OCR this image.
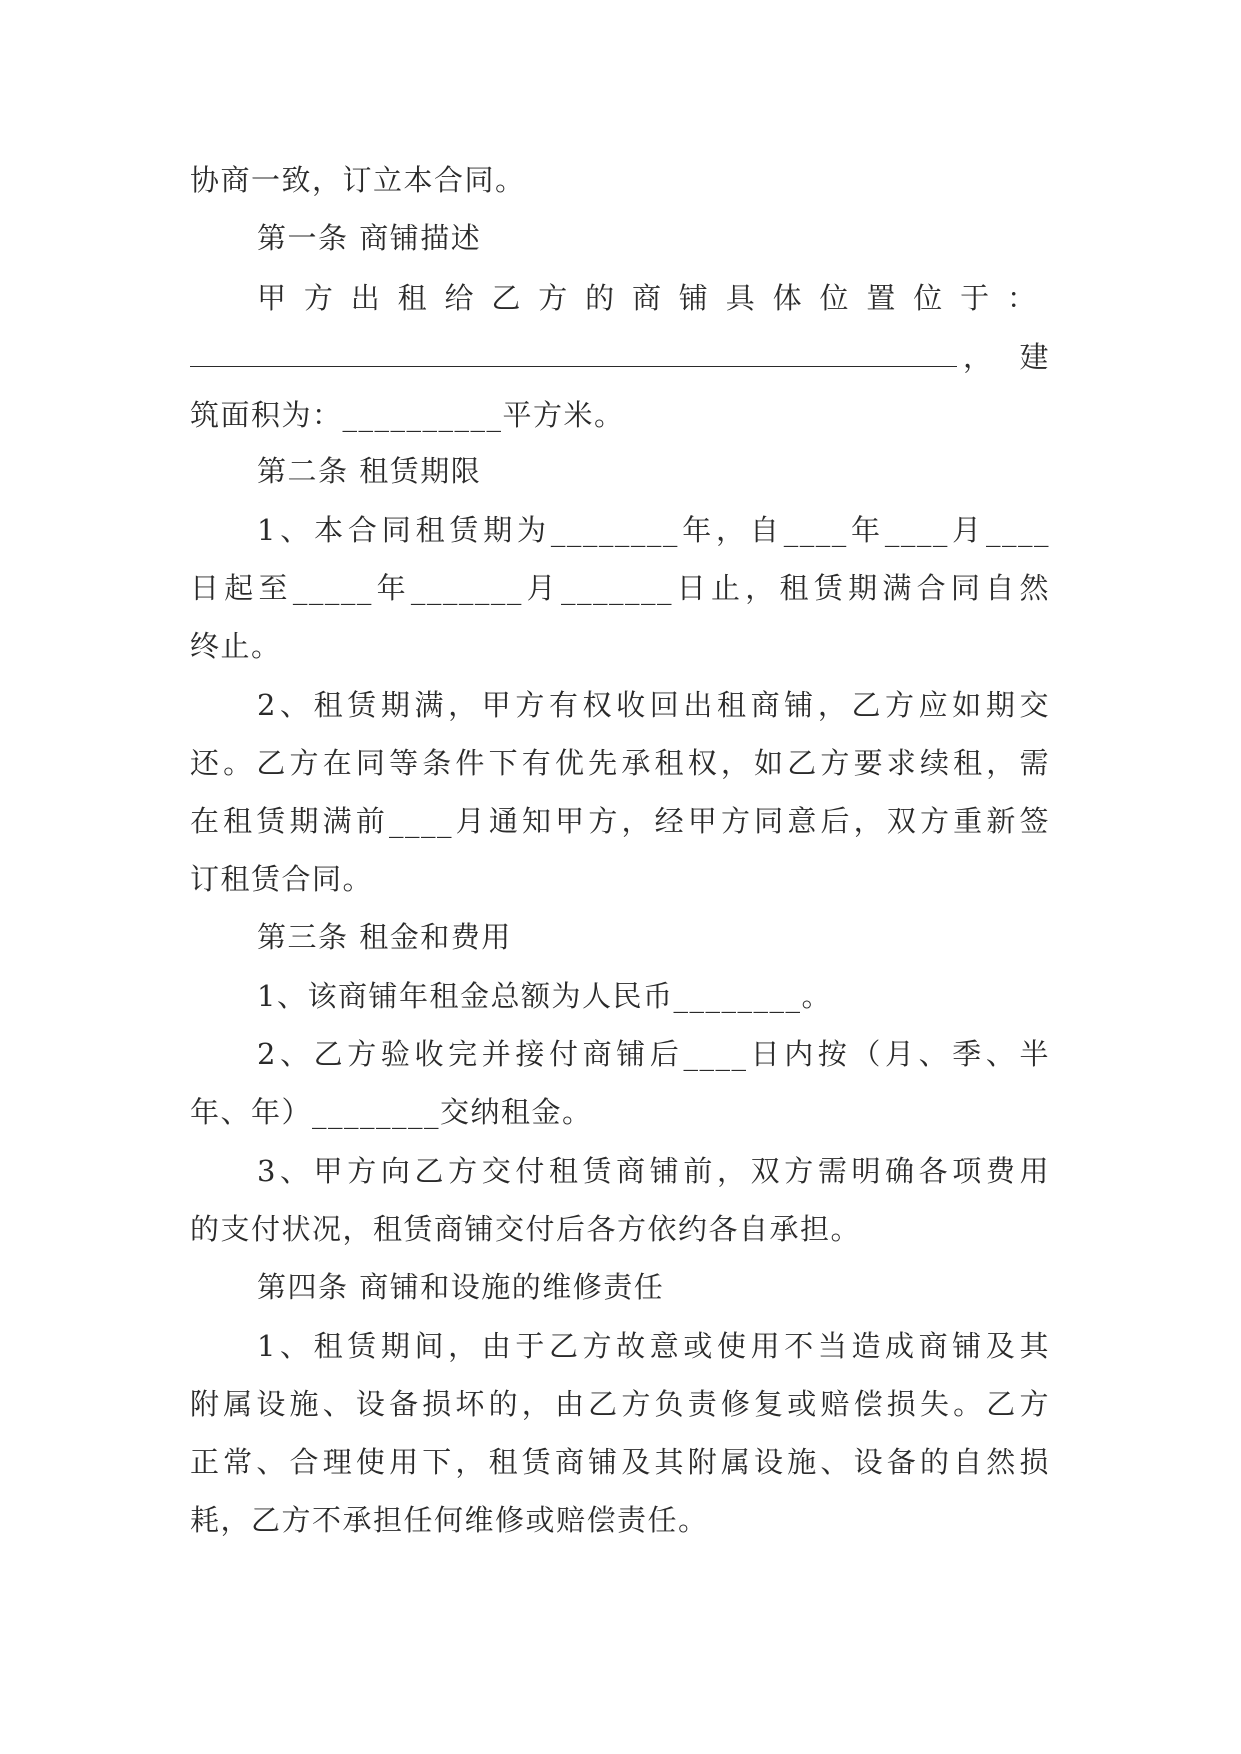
协商一致，订立本合同。
第一条 商铺描述
甲方出租给乙方的商铺具体位置位于：
， 建
筑面积为：__________平方米。
第二条 租赁期限
1、本合同租赁期为________年，自____年____月____
日起至_____年_______月_______日止，租赁期满合同自然
终止。
2、租赁期满，甲方有权收回出租商铺，乙方应如期交
还。乙方在同等条件下有优先承租权，如乙方要求续租，需
在租赁期满前____月通知甲方，经甲方同意后，双方重新签
订租赁合同。
第三条 租金和费用
1、该商铺年租金总额为人民币________。
2、乙方验收完并接付商铺后____日内按（月、季、半
年、年）________交纳租金。
3、甲方向乙方交付租赁商铺前，双方需明确各项费用
的支付状况，租赁商铺交付后各方依约各自承担。
第四条 商铺和设施的维修责任
1、租赁期间，由于乙方故意或使用不当造成商铺及其
附属设施、设备损坏的，由乙方负责修复或赔偿损失。乙方
正常、合理使用下，租赁商铺及其附属设施、设备的自然损
耗，乙方不承担任何维修或赔偿责任。
